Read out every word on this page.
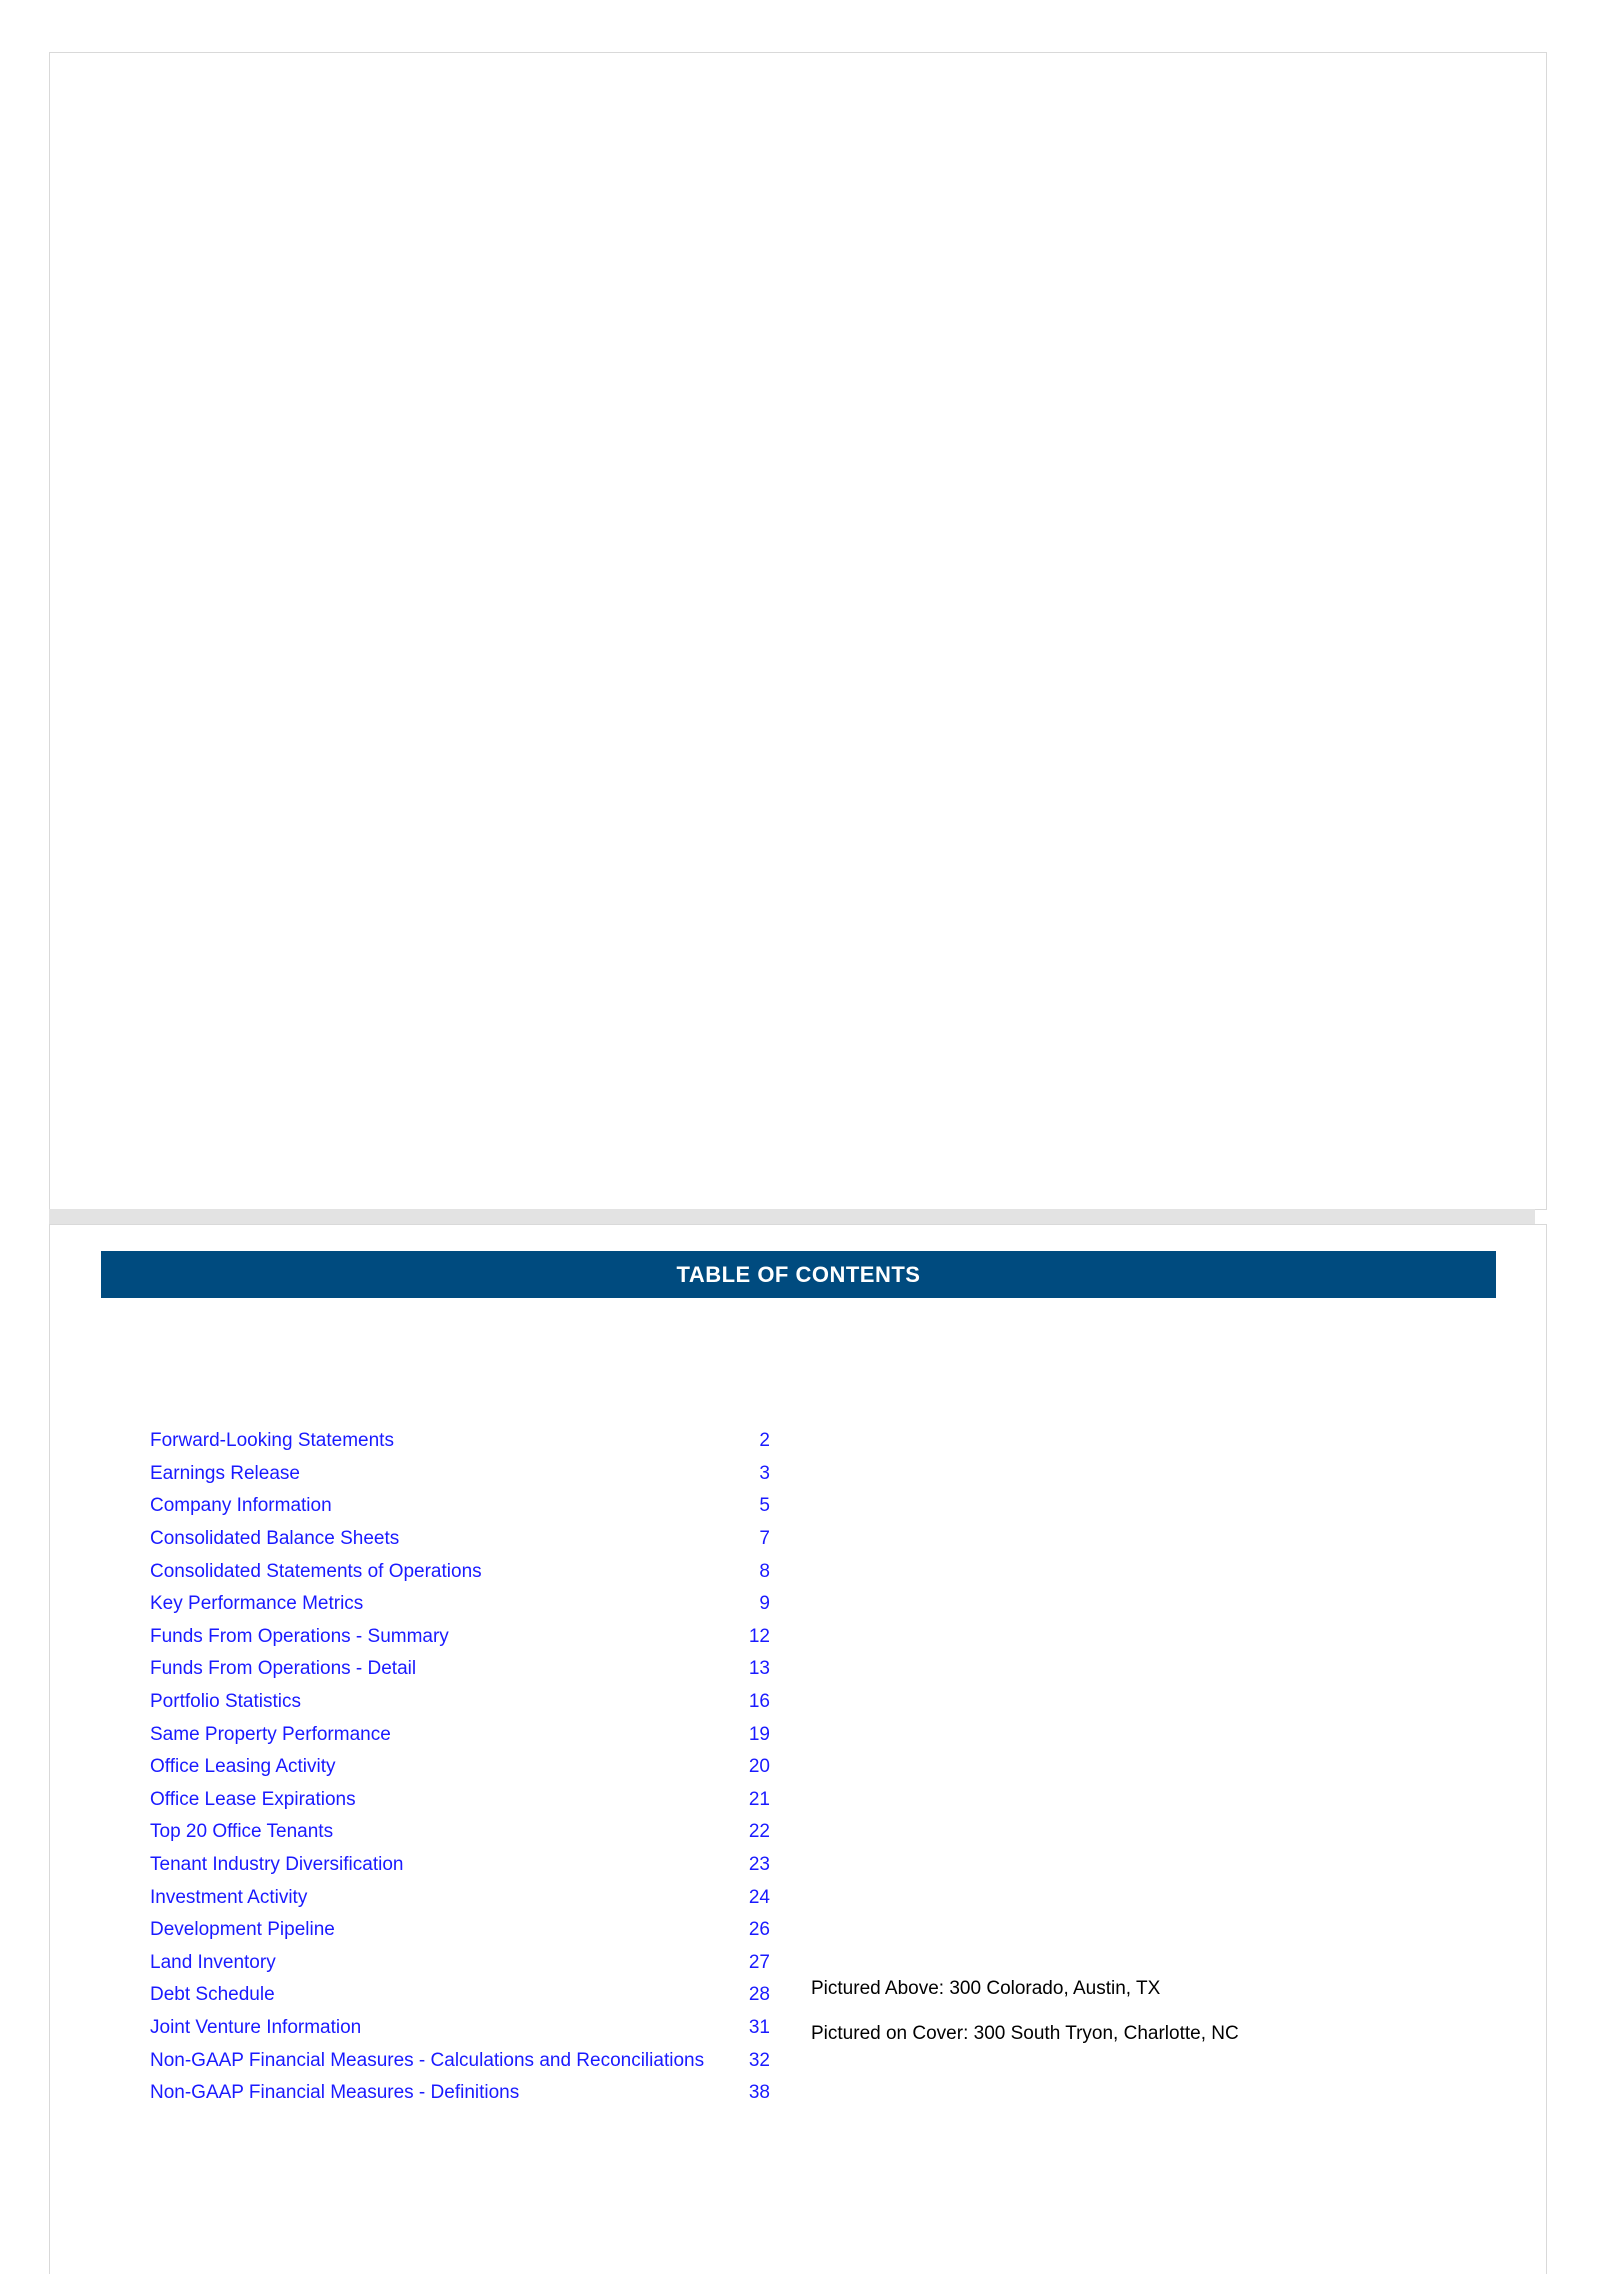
TABLE OF CONTENTS
Forward-Looking Statements	2
Earnings Release	3
Company Information	5
Consolidated Balance Sheets	7
Consolidated Statements of Operations	8
Key Performance Metrics	9
Funds From Operations - Summary	12
Funds From Operations - Detail	13
Portfolio Statistics	16
Same Property Performance	19
Office Leasing Activity	20
Office Lease Expirations	21
Top 20 Office Tenants	22
Tenant Industry Diversification	23
Investment Activity	24
Development Pipeline	26
Land Inventory	27
Debt Schedule	28
Joint Venture Information	31
Non-GAAP Financial Measures - Calculations and Reconciliations	32
Non-GAAP Financial Measures - Definitions	38
Pictured Above: 300 Colorado, Austin, TX
Pictured on Cover: 300 South Tryon, Charlotte, NC
